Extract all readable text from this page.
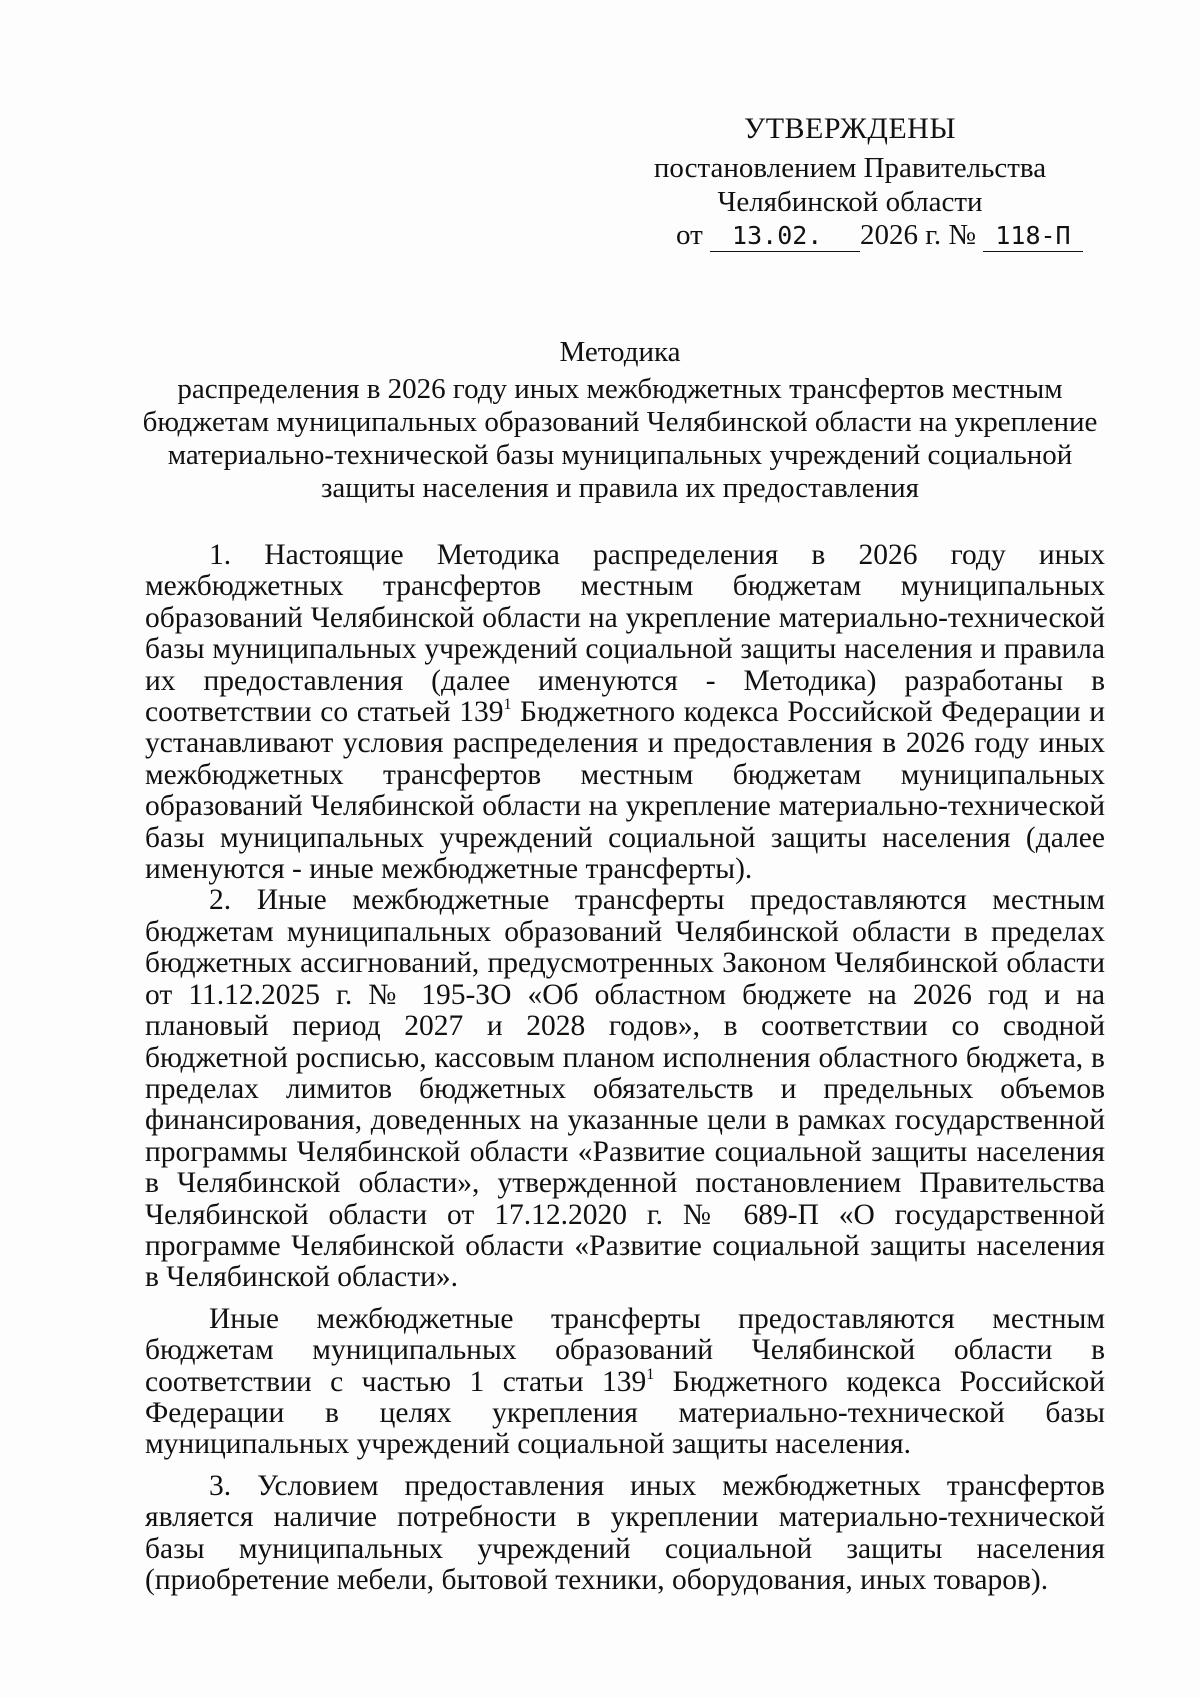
УТВЕРЖДЕНЫ

постановлением Правительства

Челябинской области

от 13.02. 2026 г. № 118-П

Методика

распределения в 2026 году иных межбюджетных трансфертов местным

бюджетам муниципальных образований Челябинской области на укрепление

материально-технической базы муниципальных учреждений социальной

защиты населения и правила их предоставления

1. Настоящие Методика распределения в 2026 году иных межбюджетных трансфертов местным бюджетам муниципальных образований Челябинской области на укрепление материально-технической базы муниципальных учреждений социальной защиты населения и правила их предоставления (далее именуются - Методика) разработаны в соответствии со статьей $139^1$ Бюджетного кодекса Российской Федерации и устанавливают условия распределения и предоставления в 2026 году иных межбюджетных трансфертов местным бюджетам муниципальных образований Челябинской области на укрепление материально-технической базы муниципальных учреждений социальной защиты населения (далее именуются - иные межбюджетные трансферты).

2. Иные межбюджетные трансферты предоставляются местным бюджетам муниципальных образований Челябинской области в пределах бюджетных ассигнований, предусмотренных Законом Челябинской области от 11.12.2025 г. № 195-ЗО «Об областном бюджете на 2026 год и на плановый период 2027 и 2028 годов», в соответствии со сводной бюджетной росписью, кассовым планом исполнения областного бюджета, в пределах лимитов бюджетных обязательств и предельных объемов финансирования, доведенных на указанные цели в рамках государственной программы Челябинской области «Развитие социальной защиты населения в Челябинской области», утвержденной постановлением Правительства Челябинской области от 17.12.2020 г. № 689-П «О государственной программе Челябинской области «Развитие социальной защиты населения в Челябинской области».

Иные межбюджетные трансферты предоставляются местным бюджетам муниципальных образований Челябинской области в соответствии с частью 1 статьи $139^1$ Бюджетного кодекса Российской Федерации в целях укрепления материально-технической базы муниципальных учреждений социальной защиты населения.

3. Условием предоставления иных межбюджетных трансфертов является наличие потребности в укреплении материально-технической базы муниципальных учреждений социальной защиты населения (приобретение мебели, бытовой техники, оборудования, иных товаров).
